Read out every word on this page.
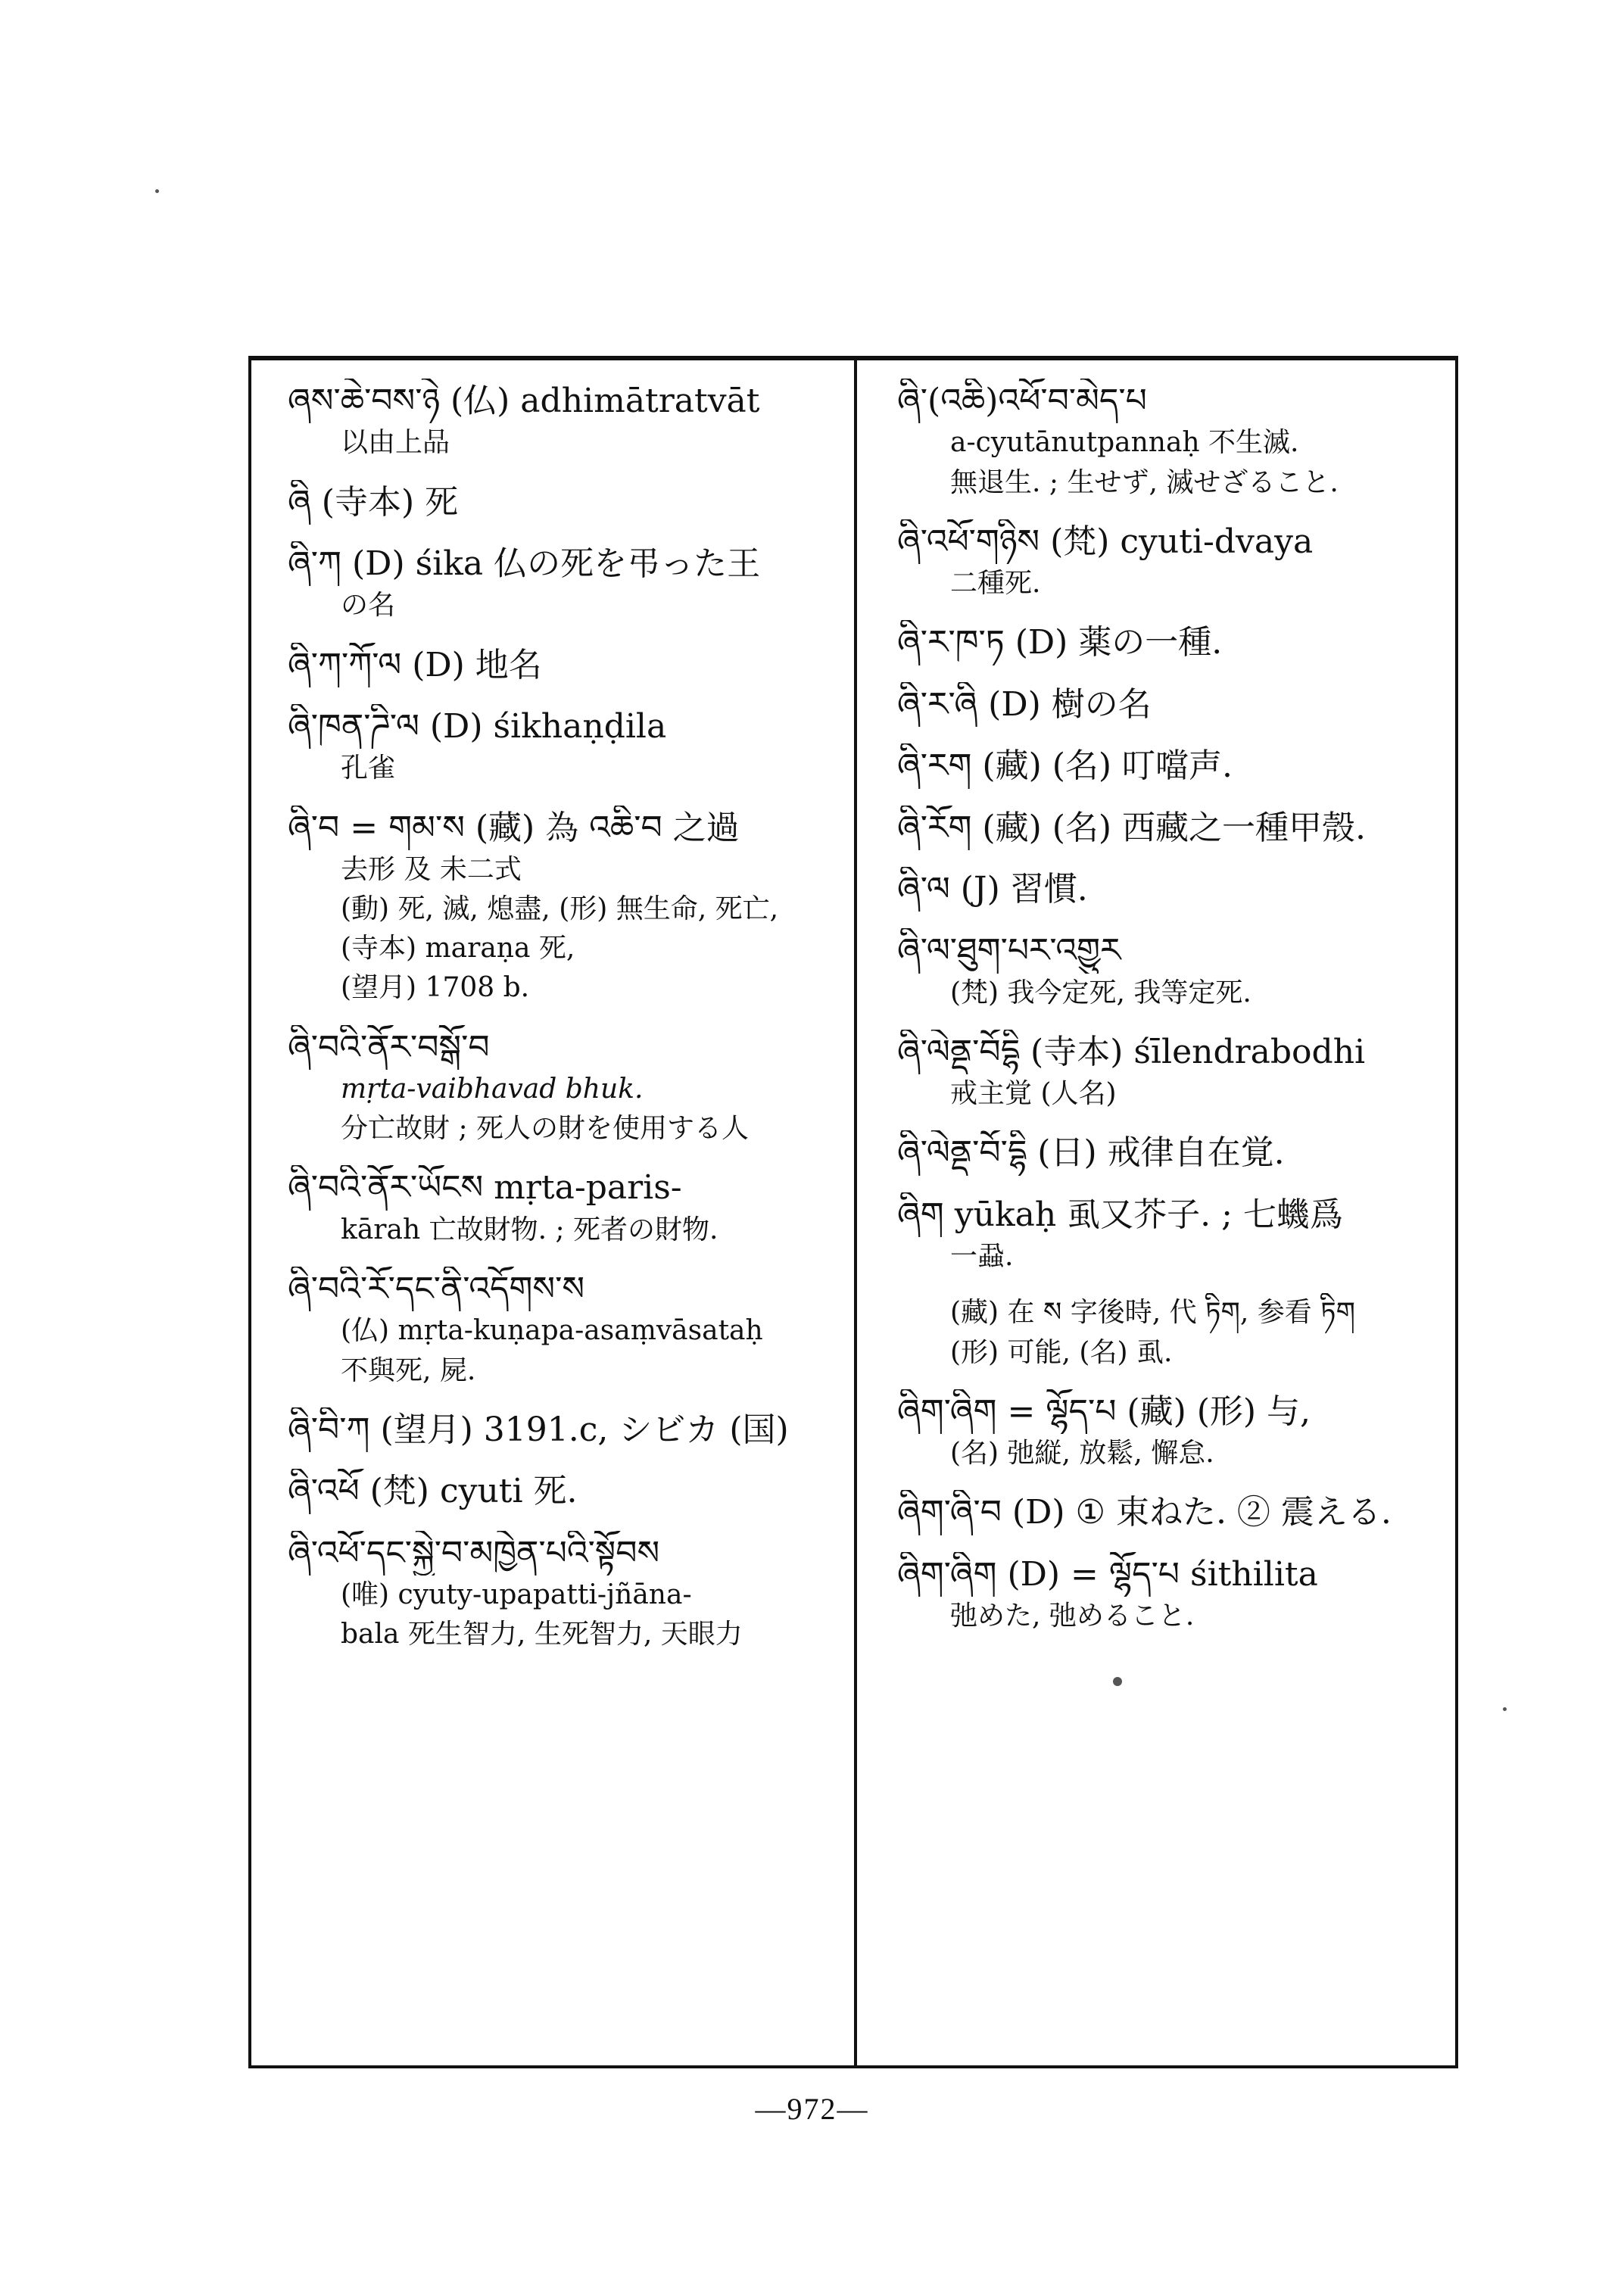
ཞས་ཆེ་བས་ཉེ (仏) adhimātratvāt
以由上品
ཞི (寺本) 死
ཞི་ཀ (D) śika 仏の死を弔った王
の名
ཞི་ཀ་ཀོ་ལ (D) 地名
ཞི་ཁན་ཌི་ལ (D) śikhaṇḍila
孔雀
ཞི་བ = གམ་ས (藏) 為 འཆི་བ 之過
去形 及 未二式
(動) 死, 滅, 熄盡, (形) 無生命, 死亡,
(寺本) maraṇa 死,
(望月) 1708 b.
ཞི་བའི་ནོར་བསྒོ་བ
mṛta-vaibhavad bhuk.
分亡故財 ; 死人の財を使用する人
ཞི་བའི་ནོར་ཡོངས mṛta-paris-
kārah 亡故財物. ; 死者の財物.
ཞི་བའི་རོ་དང་ནི་འདོགས་ས
(仏) mṛta-kuṇapa-asaṃvāsataḥ
不與死, 屍.
ཞི་བི་ཀ (望月) 3191.c, シビカ (国)
ཞི་འཕོ (梵) cyuti 死.
ཞི་འཕོ་དང་སྐྱེ་བ་མཁྱེན་པའི་སྟོབས
(唯) cyuty-upapatti-jñāna-
bala 死生智力, 生死智力, 天眼力
ཞི་(འཆི)འཕོ་བ་མེད་པ
a-cyutānutpannaḥ 不生滅.
無退生. ; 生せず, 滅せざること.
ཞི་འཕོ་གཉིས (梵) cyuti-dvaya
二種死.
ཞི་ར་ཁ་ཏ (D) 薬の一種.
ཞི་ར་ཞི (D) 樹の名
ཞི་རག (藏) (名) 叮噹声.
ཞི་རོག (藏) (名) 西藏之一種甲殼.
ཞི་ལ (J) 習慣.
ཞི་ལ་ཐུག་པར་འགྱུར
(梵) 我今定死, 我等定死.
ཞི་ལེནྡ་བོདྷི (寺本) śīlendrabodhi
戒主覚 (人名)
ཞི་ལེནྡ་བོ་དྷི (日) 戒律自在覚.
ཞིག yūkaḥ 虱又芥子. ; 七蟣爲
一蝨.
(藏) 在 ས 字後時, 代 ཏིག, 参看 ཏིག
(形) 可能, (名) 虱.
ཞིག་ཞིག = ལྷོད་པ (藏) (形) 与,
(名) 弛縦, 放鬆, 懈怠.
ཞིག་ཞི་བ (D) ① 束ねた. ② 震える.
ཞིག་ཞིག (D) = ལྷོད་པ śithilita
弛めた, 弛めること.
—972—
